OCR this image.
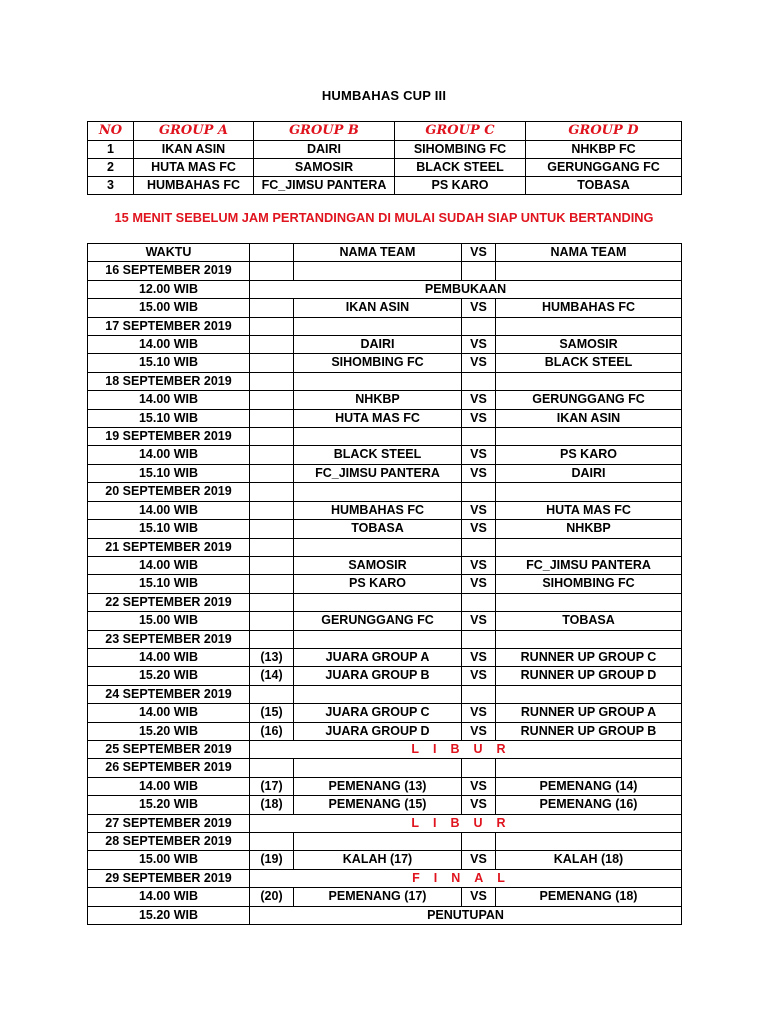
HUMBAHAS CUP III
NO	GROUP A	GROUP B	GROUP C	GROUP D
1	IKAN ASIN	DAIRI	SIHOMBING FC	NHKBP FC
2	HUTA MAS FC	SAMOSIR	BLACK STEEL	GERUNGGANG FC
3	HUMBAHAS FC	FC_JIMSU PANTERA	PS KARO	TOBASA
15 MENIT SEBELUM JAM PERTANDINGAN DI MULAI SUDAH SIAP UNTUK BERTANDING
WAKTU		NAMA TEAM	VS	NAMA TEAM
16 SEPTEMBER 2019				
12.00 WIB	PEMBUKAAN			
15.00 WIB		IKAN ASIN	VS	HUMBAHAS FC
17 SEPTEMBER 2019				
14.00 WIB		DAIRI	VS	SAMOSIR
15.10 WIB		SIHOMBING FC	VS	BLACK STEEL
18 SEPTEMBER 2019				
14.00 WIB		NHKBP	VS	GERUNGGANG FC
15.10 WIB		HUTA MAS FC	VS	IKAN ASIN
19 SEPTEMBER 2019				
14.00 WIB		BLACK STEEL	VS	PS KARO
15.10 WIB		FC_JIMSU PANTERA	VS	DAIRI
20 SEPTEMBER 2019				
14.00 WIB		HUMBAHAS FC	VS	HUTA MAS FC
15.10 WIB		TOBASA	VS	NHKBP
21 SEPTEMBER 2019				
14.00 WIB		SAMOSIR	VS	FC_JIMSU PANTERA
15.10 WIB		PS KARO	VS	SIHOMBING FC
22 SEPTEMBER 2019				
15.00 WIB		GERUNGGANG FC	VS	TOBASA
23 SEPTEMBER 2019				
14.00 WIB	(13)	JUARA GROUP A	VS	RUNNER UP GROUP C
15.20 WIB	(14)	JUARA GROUP B	VS	RUNNER UP GROUP D
24 SEPTEMBER 2019				
14.00 WIB	(15)	JUARA GROUP C	VS	RUNNER UP GROUP A
15.20 WIB	(16)	JUARA GROUP D	VS	RUNNER UP GROUP B
25 SEPTEMBER 2019	LIBUR			
26 SEPTEMBER 2019				
14.00 WIB	(17)	PEMENANG (13)	VS	PEMENANG (14)
15.20 WIB	(18)	PEMENANG (15)	VS	PEMENANG (16)
27 SEPTEMBER 2019	LIBUR			
28 SEPTEMBER 2019				
15.00 WIB	(19)	KALAH (17)	VS	KALAH (18)
29 SEPTEMBER 2019	FINAL			
14.00 WIB	(20)	PEMENANG (17)	VS	PEMENANG (18)
15.20 WIB	PENUTUPAN			
